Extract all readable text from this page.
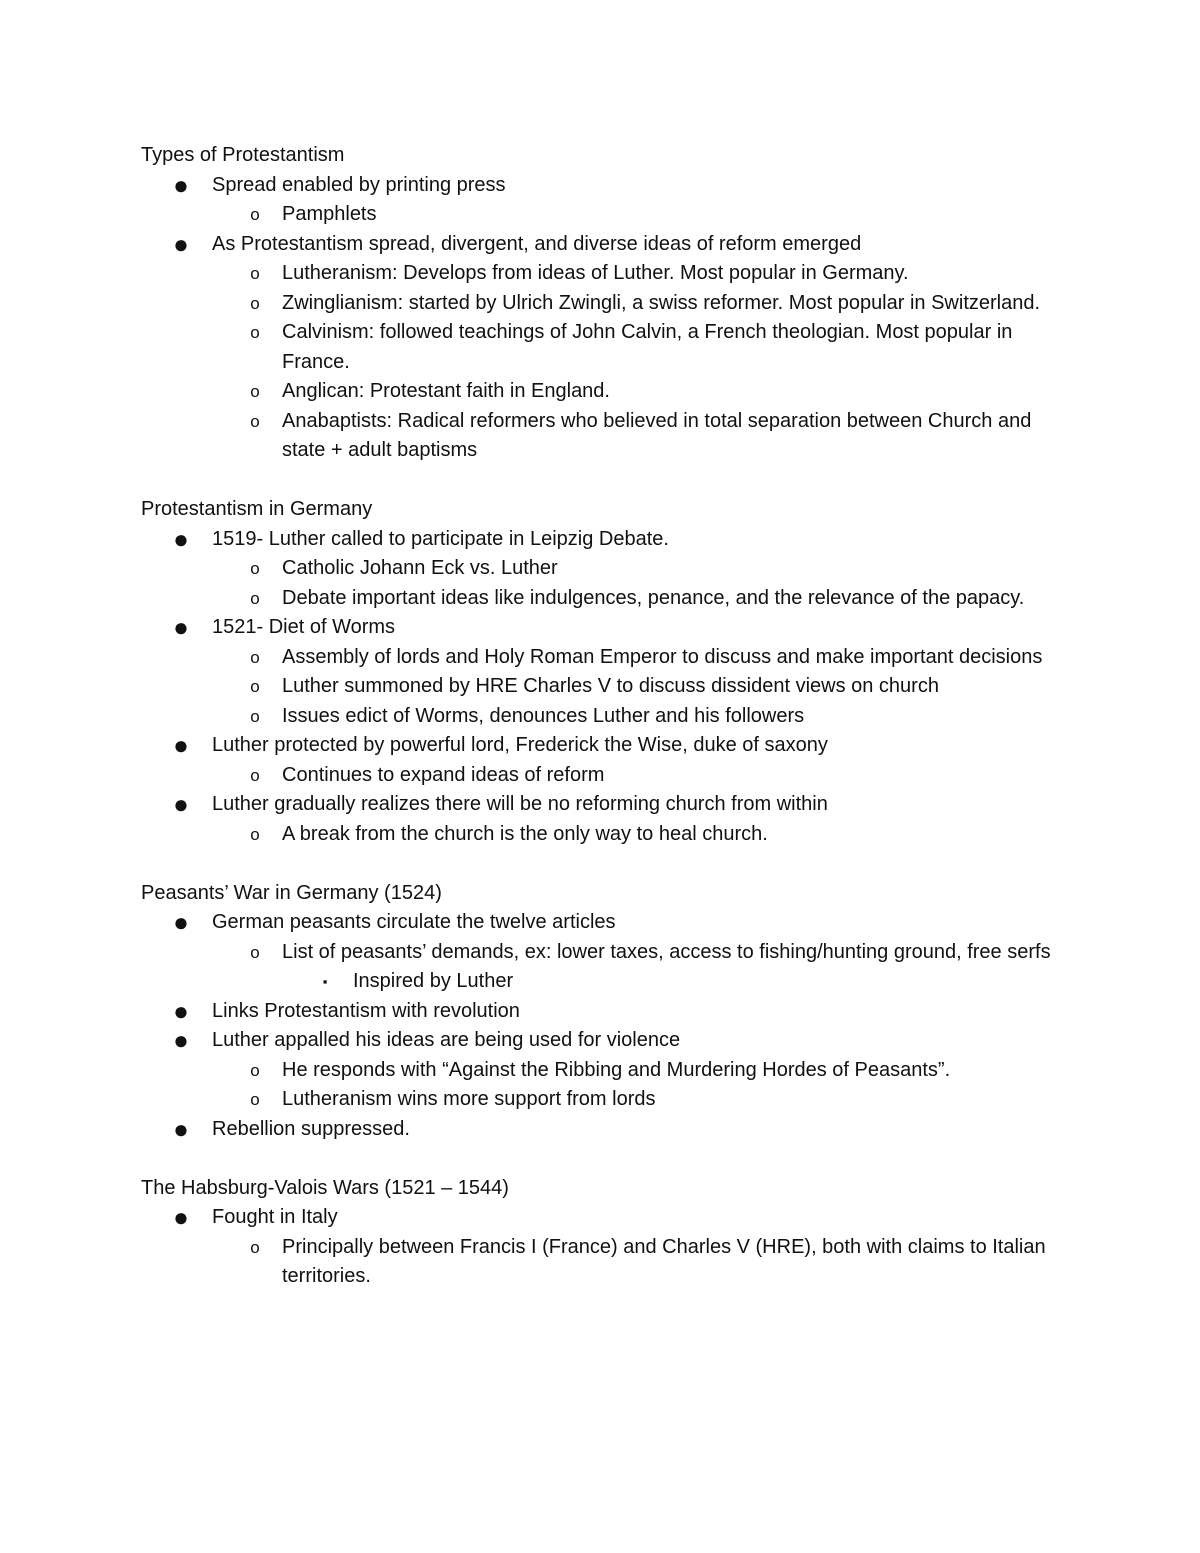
Types of Protestantism
● Spread enabled by printing press
o Pamphlets
● As Protestantism spread, divergent, and diverse ideas of reform emerged
o Lutheranism: Develops from ideas of Luther. Most popular in Germany.
o Zwinglianism: started by Ulrich Zwingli, a swiss reformer. Most popular in Switzerland.
o Calvinism: followed teachings of John Calvin, a French theologian. Most popular in France.
o Anglican: Protestant faith in England.
o Anabaptists: Radical reformers who believed in total separation between Church and state + adult baptisms
Protestantism in Germany
● 1519- Luther called to participate in Leipzig Debate.
o Catholic Johann Eck vs. Luther
o Debate important ideas like indulgences, penance, and the relevance of the papacy.
● 1521- Diet of Worms
o Assembly of lords and Holy Roman Emperor to discuss and make important decisions
o Luther summoned by HRE Charles V to discuss dissident views on church
o Issues edict of Worms, denounces Luther and his followers
● Luther protected by powerful lord, Frederick the Wise, duke of saxony
o Continues to expand ideas of reform
● Luther gradually realizes there will be no reforming church from within
o A break from the church is the only way to heal church.
Peasants’ War in Germany (1524)
● German peasants circulate the twelve articles
o List of peasants’ demands, ex: lower taxes, access to fishing/hunting ground, free serfs
▪	Inspired by Luther
● Links Protestantism with revolution
● Luther appalled his ideas are being used for violence
o He responds with “Against the Ribbing and Murdering Hordes of Peasants”.
o Lutheranism wins more support from lords
● Rebellion suppressed.
The Habsburg-Valois Wars (1521 – 1544)
● Fought in Italy
o Principally between Francis I (France) and Charles V (HRE), both with claims to Italian territories.
